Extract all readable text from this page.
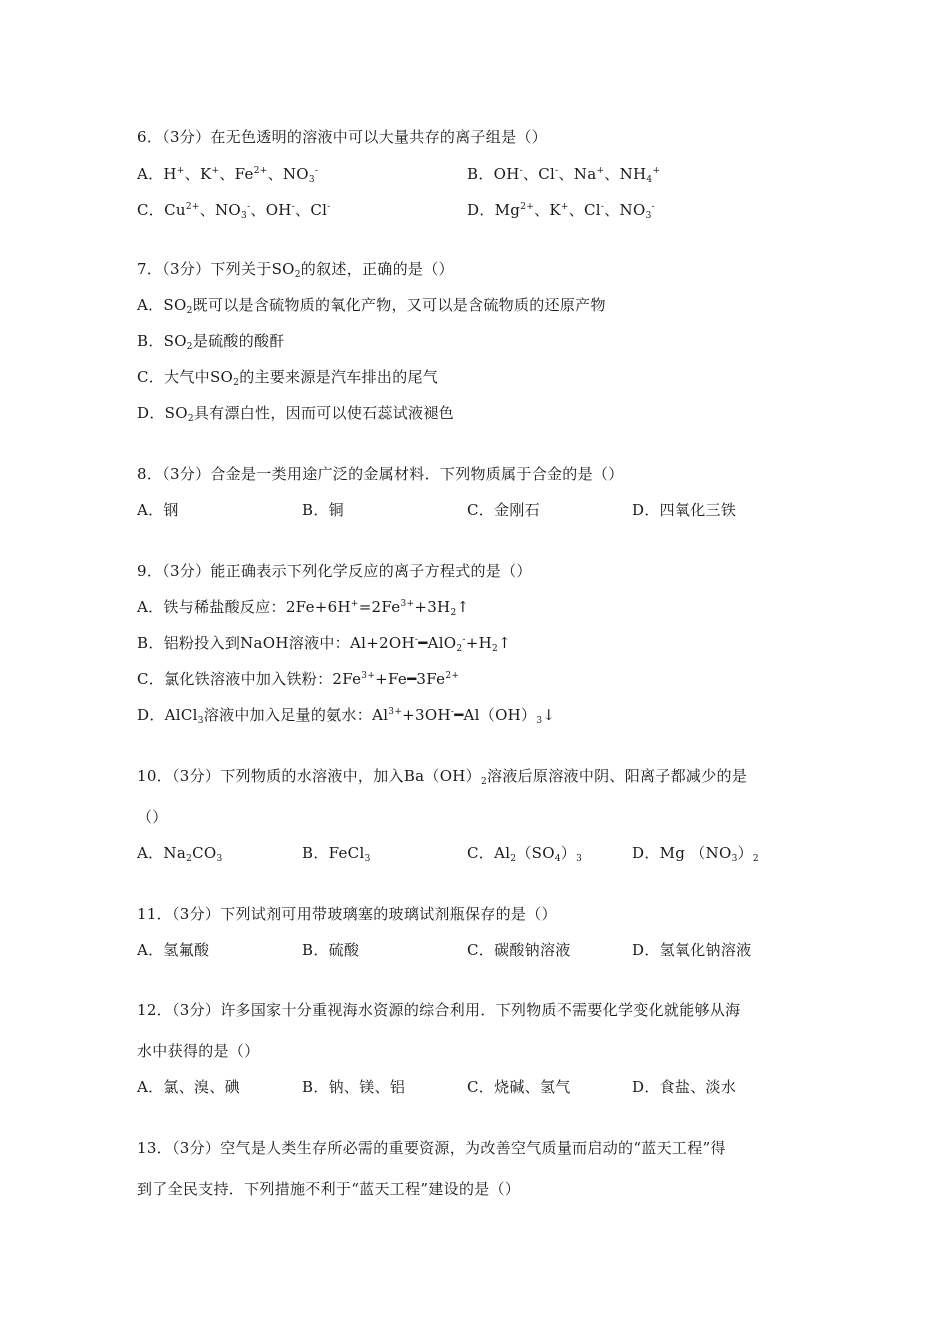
6．（3分）在无色透明的溶液中可以大量共存的离子组是（）
A．H+、K+、$Fe^{2+}$、$NO_3^-$	B．OH-、Cl-、Na+、$NH_4^+$
C．$Cu^{2+}$、$NO_3^-$、OH-、Cl-	D．$Mg^{2+}$、K+、Cl-、$NO_3^-$
7．（3分）下列关于$SO_2$的叙述，正确的是（）
A．$SO_2$既可以是含硫物质的氧化产物，又可以是含硫物质的还原产物
B．$SO_2$是硫酸的酸酐
C．大气中$SO_2$的主要来源是汽车排出的尾气
D．$SO_2$具有漂白性，因而可以使石蕊试液褪色
8．（3分）合金是一类用途广泛的金属材料．下列物质属于合金的是（）
A．钢	B．铜	C．金刚石	D．四氧化三铁
9．（3分）能正确表示下列化学反应的离子方程式的是（）
A．铁与稀盐酸反应：$2Fe+6H^+=2Fe^{3+}+3H_2↑$
B．铝粉投入到NaOH溶液中：$Al+2OH^-━AlO_2^-+H_2↑$
C．氯化铁溶液中加入铁粉：$2Fe^{3+}+Fe━3Fe^{2+}$
D．AlCl$_3$溶液中加入足量的氨水：$Al^{3+}+3OH^-━Al(OH)_3↓$
10．（3分）下列物质的水溶液中，加入$Ba(OH)_2$溶液后原溶液中阴、阳离子都减少的是
（）
A．$Na_2CO_3$	B．FeCl$_3$	C．$Al_2(SO_4)_3$	D．Mg $(NO_3)_2$
11．（3分）下列试剂可用带玻璃塞的玻璃试剂瓶保存的是（）
A．氢氟酸	B．硫酸	C．碳酸钠溶液	D．氢氧化钠溶液
12．（3分）许多国家十分重视海水资源的综合利用．下列物质不需要化学变化就能够从海
水中获得的是（）
A．氯、溴、碘	B．钠、镁、铝	C．烧碱、氢气	D．食盐、淡水
13．（3分）空气是人类生存所必需的重要资源，为改善空气质量而启动的“蓝天工程”得
到了全民支持．下列措施不利于“蓝天工程”建设的是（）
